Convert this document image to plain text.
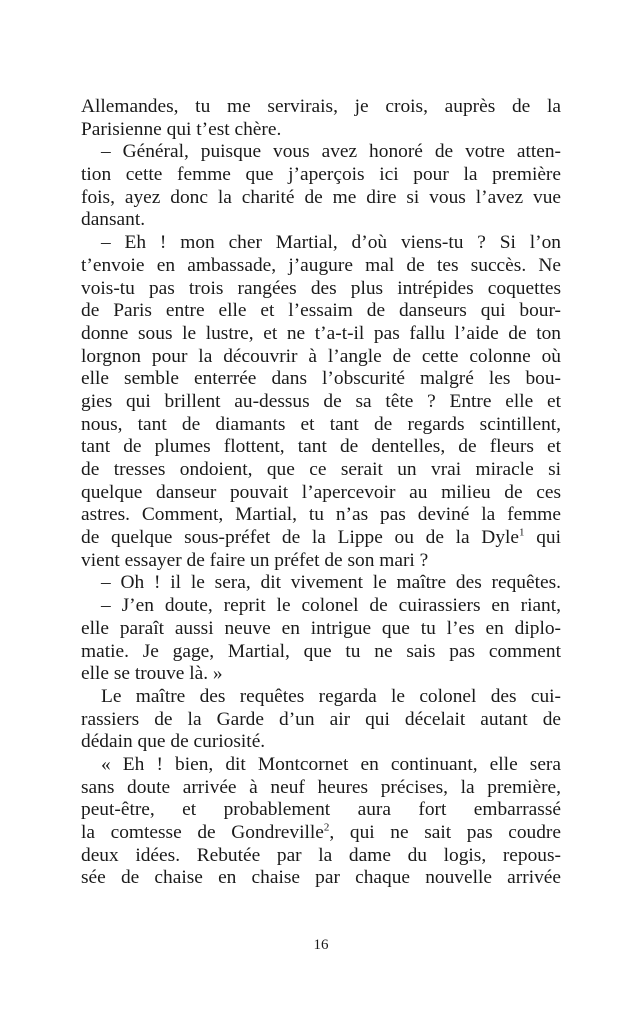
Allemandes, tu me servirais, je crois, auprès de la
Parisienne qui t’est chère.
– Général, puisque vous avez honoré de votre atten-
tion cette femme que j’aperçois ici pour la première
fois, ayez donc la charité de me dire si vous l’avez vue
dansant.
– Eh ! mon cher Martial, d’où viens-tu ? Si l’on
t’envoie en ambassade, j’augure mal de tes succès. Ne
vois-tu pas trois rangées des plus intrépides coquettes
de Paris entre elle et l’essaim de danseurs qui bour-
donne sous le lustre, et ne t’a-t-il pas fallu l’aide de ton
lorgnon pour la découvrir à l’angle de cette colonne où
elle semble enterrée dans l’obscurité malgré les bou-
gies qui brillent au-dessus de sa tête ? Entre elle et
nous, tant de diamants et tant de regards scintillent,
tant de plumes flottent, tant de dentelles, de fleurs et
de tresses ondoient, que ce serait un vrai miracle si
quelque danseur pouvait l’apercevoir au milieu de ces
astres. Comment, Martial, tu n’as pas deviné la femme
de quelque sous-préfet de la Lippe ou de la Dyle$^1$ qui
vient essayer de faire un préfet de son mari ?
– Oh ! il le sera, dit vivement le maître des requêtes.
– J’en doute, reprit le colonel de cuirassiers en riant,
elle paraît aussi neuve en intrigue que tu l’es en diplo-
matie. Je gage, Martial, que tu ne sais pas comment
elle se trouve là. »
Le maître des requêtes regarda le colonel des cui-
rassiers de la Garde d’un air qui décelait autant de
dédain que de curiosité.
« Eh ! bien, dit Montcornet en continuant, elle sera
sans doute arrivée à neuf heures précises, la première,
peut-être, et probablement aura fort embarrassé
la comtesse de Gondreville$^2$, qui ne sait pas coudre
deux idées. Rebutée par la dame du logis, repous-
sée de chaise en chaise par chaque nouvelle arrivée
16
